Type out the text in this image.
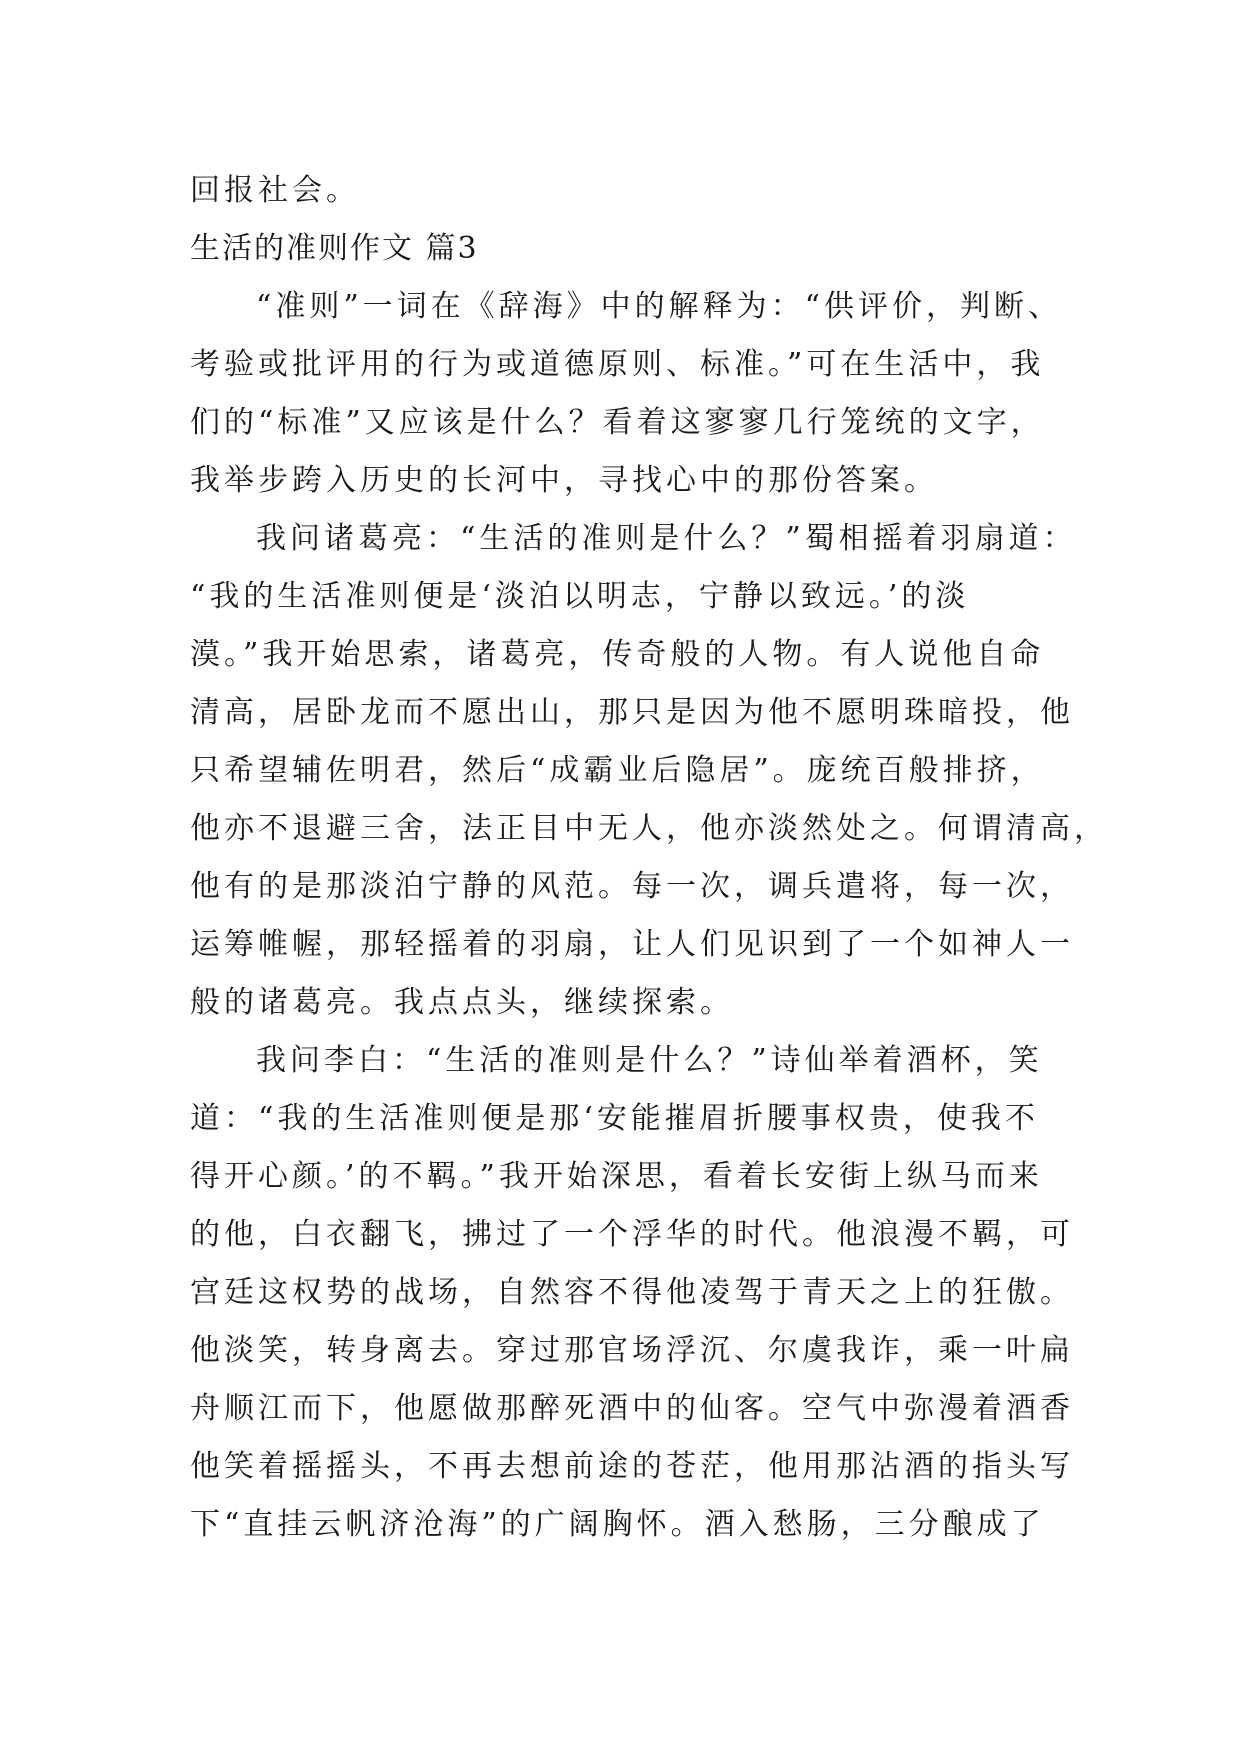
回报社会。
生活的准则作文 篇3
“准则”一词在《辞海》中的解释为：“供评价，判断、
考验或批评用的行为或道德原则、标准。”可在生活中，我
们的“标准”又应该是什么？看着这寥寥几行笼统的文字，
我举步跨入历史的长河中，寻找心中的那份答案。
我问诸葛亮：“生活的准则是什么？”蜀相摇着羽扇道：
“我的生活准则便是‘淡泊以明志，宁静以致远。’的淡
漠。”我开始思索，诸葛亮，传奇般的人物。有人说他自命
清高，居卧龙而不愿出山，那只是因为他不愿明珠暗投，他
只希望辅佐明君，然后“成霸业后隐居”。庞统百般排挤，
他亦不退避三舍，法正目中无人，他亦淡然处之。何谓清高，
他有的是那淡泊宁静的风范。每一次，调兵遣将，每一次，
运筹帷幄，那轻摇着的羽扇，让人们见识到了一个如神人一
般的诸葛亮。我点点头，继续探索。
我问李白：“生活的准则是什么？”诗仙举着酒杯，笑
道：“我的生活准则便是那‘安能摧眉折腰事权贵，使我不
得开心颜。’的不羁。”我开始深思，看着长安街上纵马而来
的他，白衣翻飞，拂过了一个浮华的时代。他浪漫不羁，可
宫廷这权势的战场，自然容不得他凌驾于青天之上的狂傲。
他淡笑，转身离去。穿过那官场浮沉、尔虞我诈，乘一叶扁
舟顺江而下，他愿做那醉死酒中的仙客。空气中弥漫着酒香
他笑着摇摇头，不再去想前途的苍茫，他用那沾酒的指头写
下“直挂云帆济沧海”的广阔胸怀。酒入愁肠，三分酿成了
